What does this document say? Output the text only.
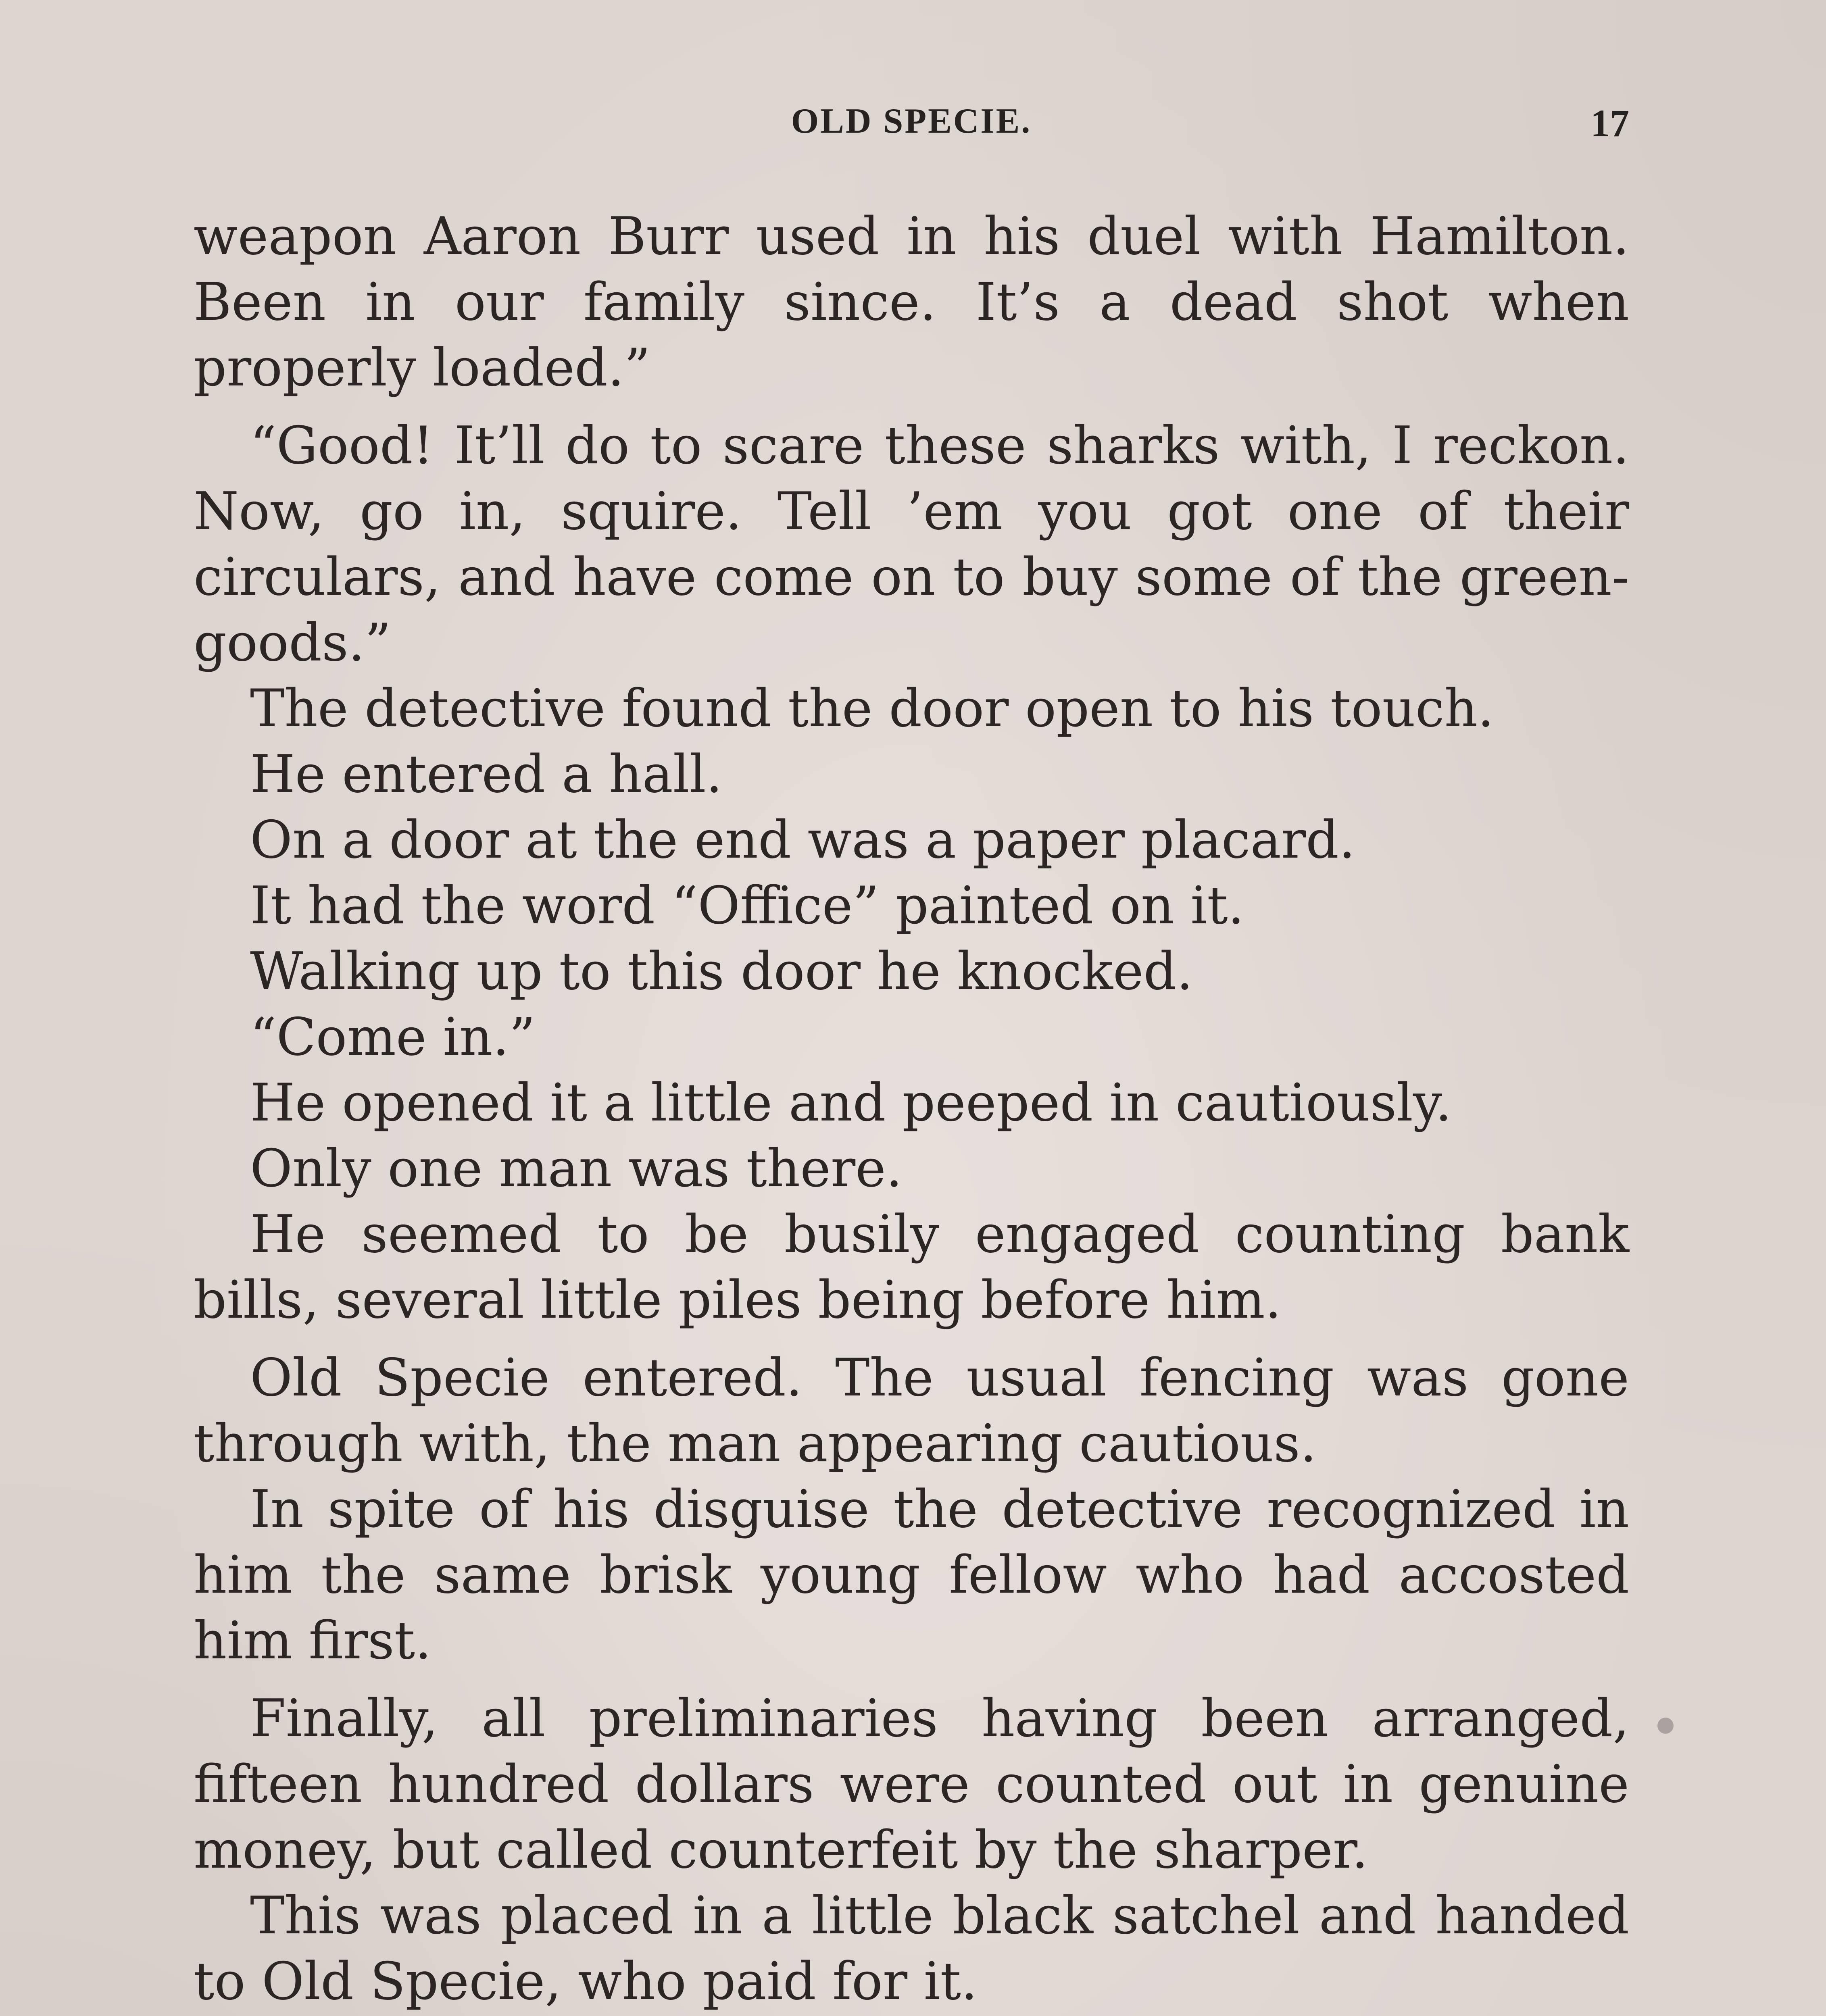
OLD SPECIE.	17

weapon Aaron Burr used in his duel with Hamilton. Been in our family since. It’s a dead shot when properly loaded.”

“Good! It’ll do to scare these sharks with, I reckon. Now, go in, squire. Tell ’em you got one of their circulars, and have come on to buy some of the green-goods.”

The detective found the door open to his touch.

He entered a hall.

On a door at the end was a paper placard.

It had the word “Office” painted on it.

Walking up to this door he knocked.

“Come in.”

He opened it a little and peeped in cautiously.

Only one man was there.

He seemed to be busily engaged counting bank bills, several little piles being before him.

Old Specie entered. The usual fencing was gone through with, the man appearing cautious.

In spite of his disguise the detective recognized in him the same brisk young fellow who had accosted him first.

Finally, all preliminaries having been arranged, fifteen hundred dollars were counted out in genuine money, but called counterfeit by the sharper.

This was placed in a little black satchel and handed to Old Specie, who paid for it.
